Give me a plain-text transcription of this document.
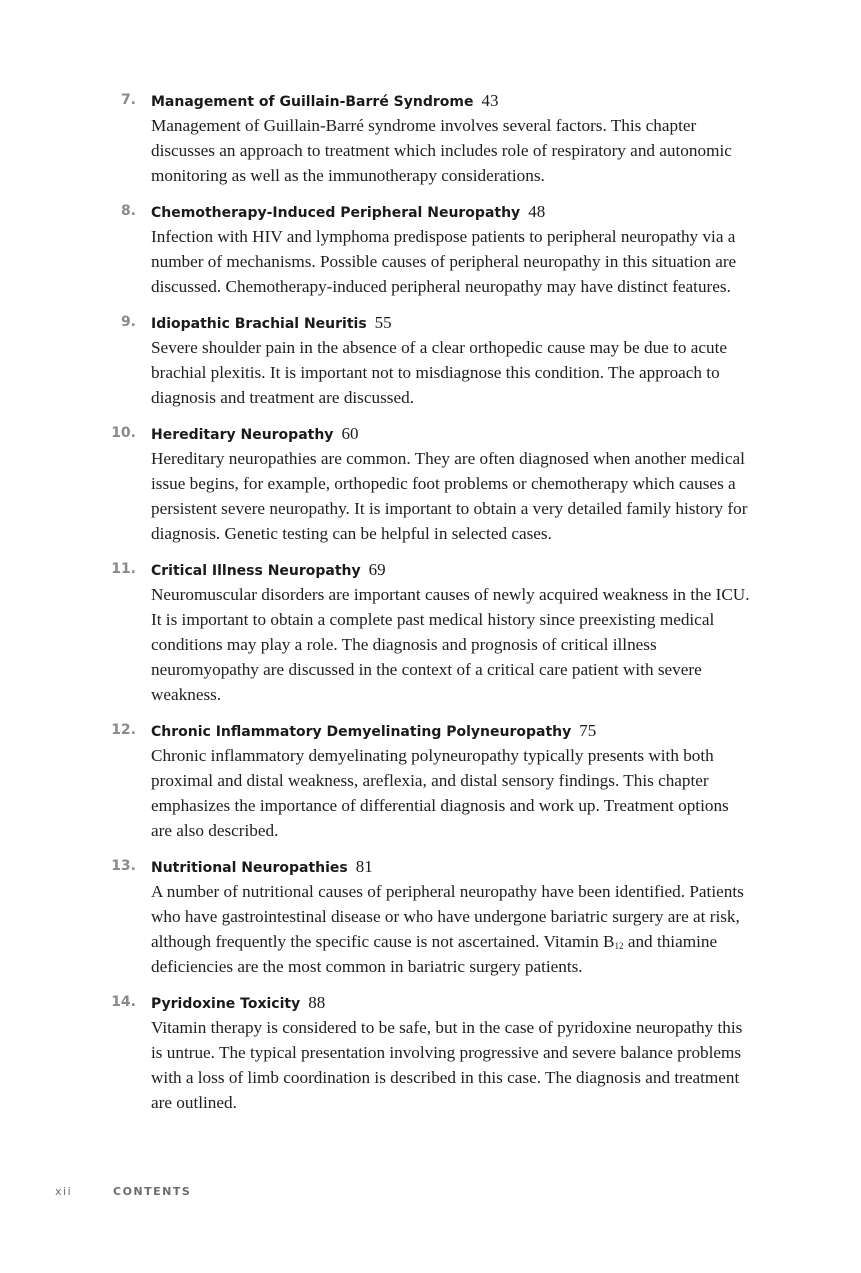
7. Management of Guillain-Barré Syndrome 43

Management of Guillain-Barré syndrome involves several factors. This chapter discusses an approach to treatment which includes role of respiratory and autonomic monitoring as well as the immunotherapy considerations.

8. Chemotherapy-Induced Peripheral Neuropathy 48

Infection with HIV and lymphoma predispose patients to peripheral neuropathy via a number of mechanisms. Possible causes of peripheral neuropathy in this situation are discussed. Chemotherapy-induced peripheral neuropathy may have distinct features.

9. Idiopathic Brachial Neuritis 55

Severe shoulder pain in the absence of a clear orthopedic cause may be due to acute brachial plexitis. It is important not to misdiagnose this condition. The approach to diagnosis and treatment are discussed.

10. Hereditary Neuropathy 60

Hereditary neuropathies are common. They are often diagnosed when another medical issue begins, for example, orthopedic foot problems or chemotherapy which causes a persistent severe neuropathy. It is important to obtain a very detailed family history for diagnosis. Genetic testing can be helpful in selected cases.

11. Critical Illness Neuropathy 69

Neuromuscular disorders are important causes of newly acquired weakness in the ICU. It is important to obtain a complete past medical history since preexisting medical conditions may play a role. The diagnosis and prognosis of critical illness neuromyopathy are discussed in the context of a critical care patient with severe weakness.

12. Chronic Inflammatory Demyelinating Polyneuropathy 75

Chronic inflammatory demyelinating polyneuropathy typically presents with both proximal and distal weakness, areflexia, and distal sensory findings. This chapter emphasizes the importance of differential diagnosis and work up. Treatment options are also described.

13. Nutritional Neuropathies 81

A number of nutritional causes of peripheral neuropathy have been identified. Patients who have gastrointestinal disease or who have undergone bariatric surgery are at risk, although frequently the specific cause is not ascertained. Vitamin $B_{12}$ and thiamine deficiencies are the most common in bariatric surgery patients.

14. Pyridoxine Toxicity 88

Vitamin therapy is considered to be safe, but in the case of pyridoxine neuropathy this is untrue. The typical presentation involving progressive and severe balance problems with a loss of limb coordination is described in this case. The diagnosis and treatment are outlined.

xii	CONTENTS
